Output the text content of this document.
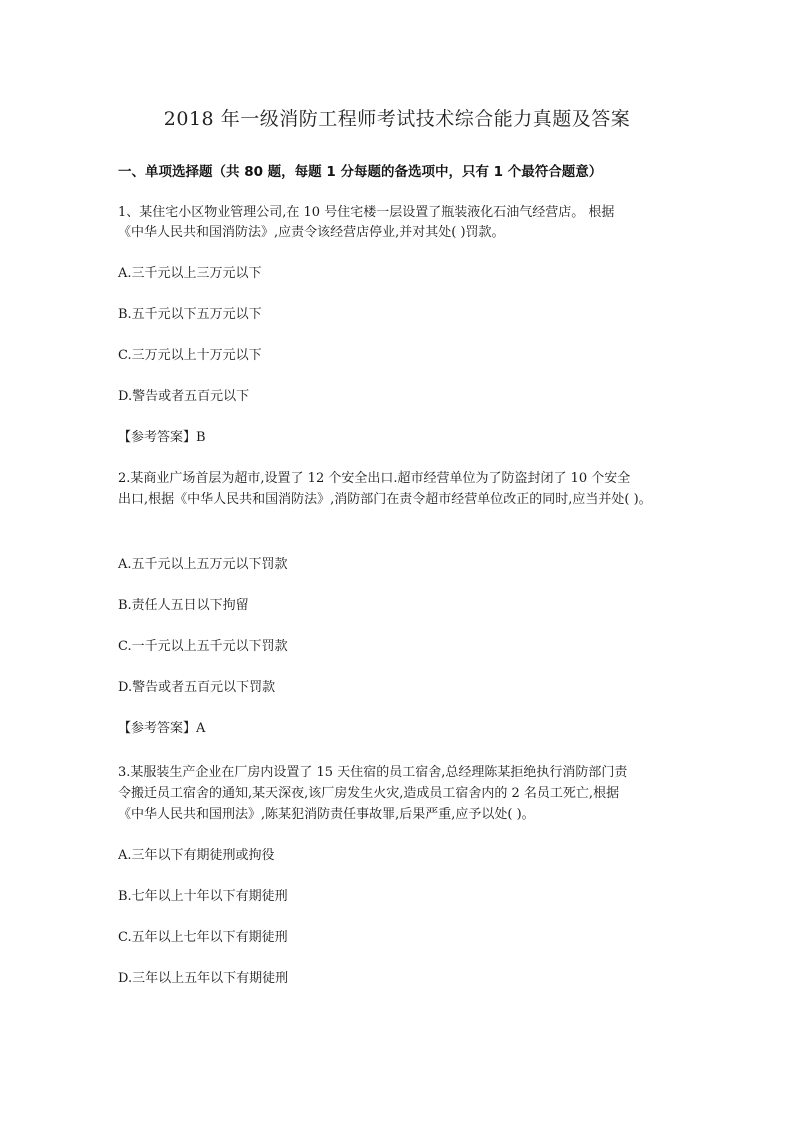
2018 年一级消防工程师考试技术综合能力真题及答案
一、单项选择题（共 80 题，每题 1 分每题的备选项中，只有 1 个最符合题意）
1、某住宅小区物业管理公司,在 10 号住宅楼一层设置了瓶装液化石油气经营店。 根据
《中华人民共和国消防法》,应责令该经营店停业,并对其处( )罚款。
A.三千元以上三万元以下
B.五千元以下五万元以下
C.三万元以上十万元以下
D.警告或者五百元以下
【参考答案】B
2.某商业广场首层为超市,设置了 12 个安全出口.超市经营单位为了防盗封闭了 10 个安全
出口,根据《中华人民共和国消防法》,消防部门在责令超市经营单位改正的同时,应当并处( )。
A.五千元以上五万元以下罚款
B.责任人五日以下拘留
C.一千元以上五千元以下罚款
D.警告或者五百元以下罚款
【参考答案】A
3.某服装生产企业在厂房内设置了 15 天住宿的员工宿舍,总经理陈某拒绝执行消防部门责
令搬迁员工宿舍的通知,某天深夜,该厂房发生火灾,造成员工宿舍内的 2 名员工死亡,根据
《中华人民共和国刑法》,陈某犯消防责任事故罪,后果严重,应予以处( )。
A.三年以下有期徒刑或拘役
B.七年以上十年以下有期徒刑
C.五年以上七年以下有期徒刑
D.三年以上五年以下有期徒刑
